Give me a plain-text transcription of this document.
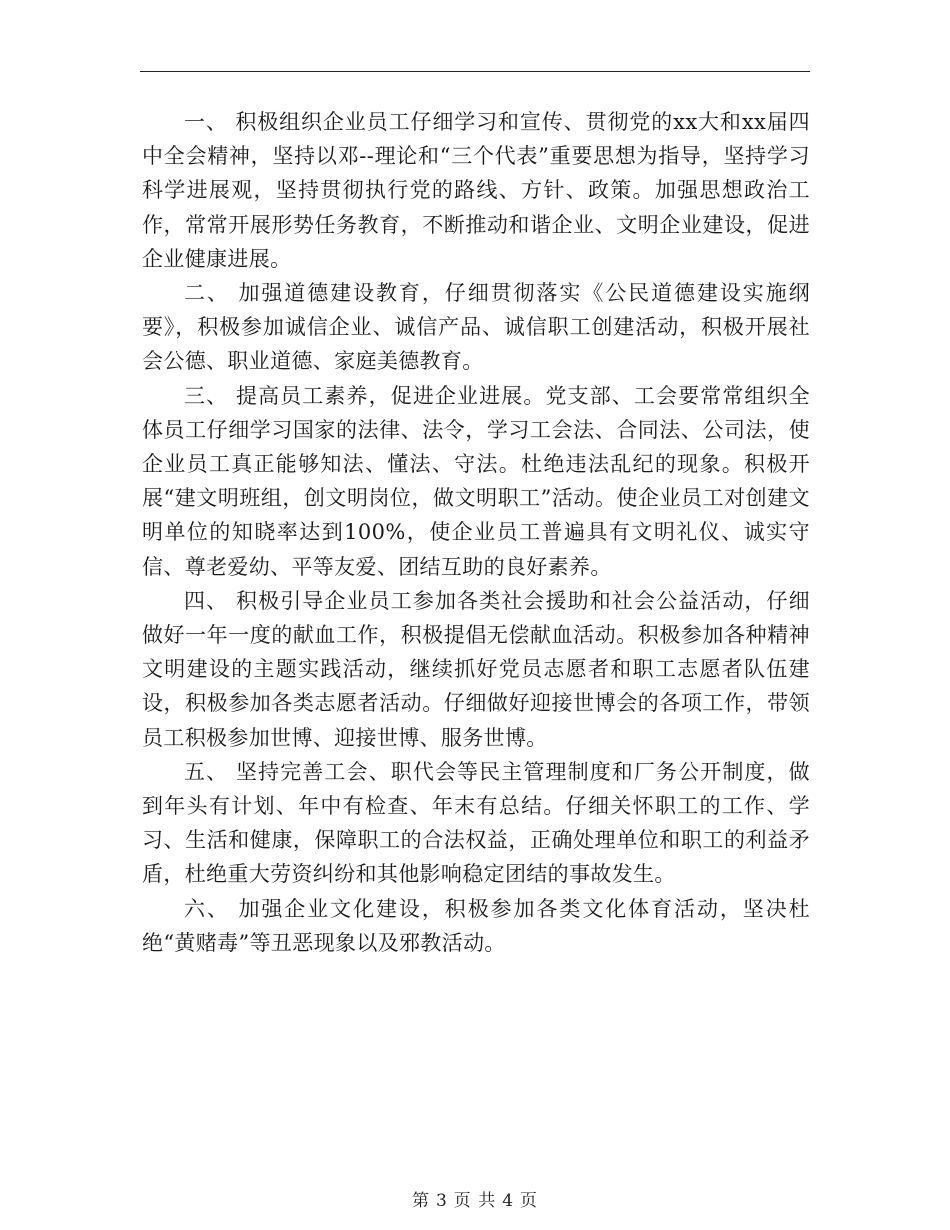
一、 积极组织企业员工仔细学习和宣传、贯彻党的xx大和xx届四中全会精神，坚持以邓--理论和“三个代表”重要思想为指导，坚持学习科学进展观，坚持贯彻执行党的路线、方针、政策。加强思想政治工作，常常开展形势任务教育，不断推动和谐企业、文明企业建设，促进企业健康进展。

二、 加强道德建设教育，仔细贯彻落实《公民道德建设实施纲要》，积极参加诚信企业、诚信产品、诚信职工创建活动，积极开展社会公德、职业道德、家庭美德教育。

三、 提高员工素养，促进企业进展。党支部、工会要常常组织全体员工仔细学习国家的法律、法令，学习工会法、合同法、公司法，使企业员工真正能够知法、懂法、守法。杜绝违法乱纪的现象。积极开展“建文明班组，创文明岗位，做文明职工”活动。使企业员工对创建文明单位的知晓率达到100%，使企业员工普遍具有文明礼仪、诚实守信、尊老爱幼、平等友爱、团结互助的良好素养。

四、 积极引导企业员工参加各类社会援助和社会公益活动，仔细做好一年一度的献血工作，积极提倡无偿献血活动。积极参加各种精神文明建设的主题实践活动，继续抓好党员志愿者和职工志愿者队伍建设，积极参加各类志愿者活动。仔细做好迎接世博会的各项工作，带领员工积极参加世博、迎接世博、服务世博。

五、 坚持完善工会、职代会等民主管理制度和厂务公开制度，做到年头有计划、年中有检查、年末有总结。仔细关怀职工的工作、学习、生活和健康，保障职工的合法权益，正确处理单位和职工的利益矛盾，杜绝重大劳资纠纷和其他影响稳定团结的事故发生。

六、 加强企业文化建设，积极参加各类文化体育活动，坚决杜绝“黄赌毒”等丑恶现象以及邪教活动。

第 3 页 共 4 页
